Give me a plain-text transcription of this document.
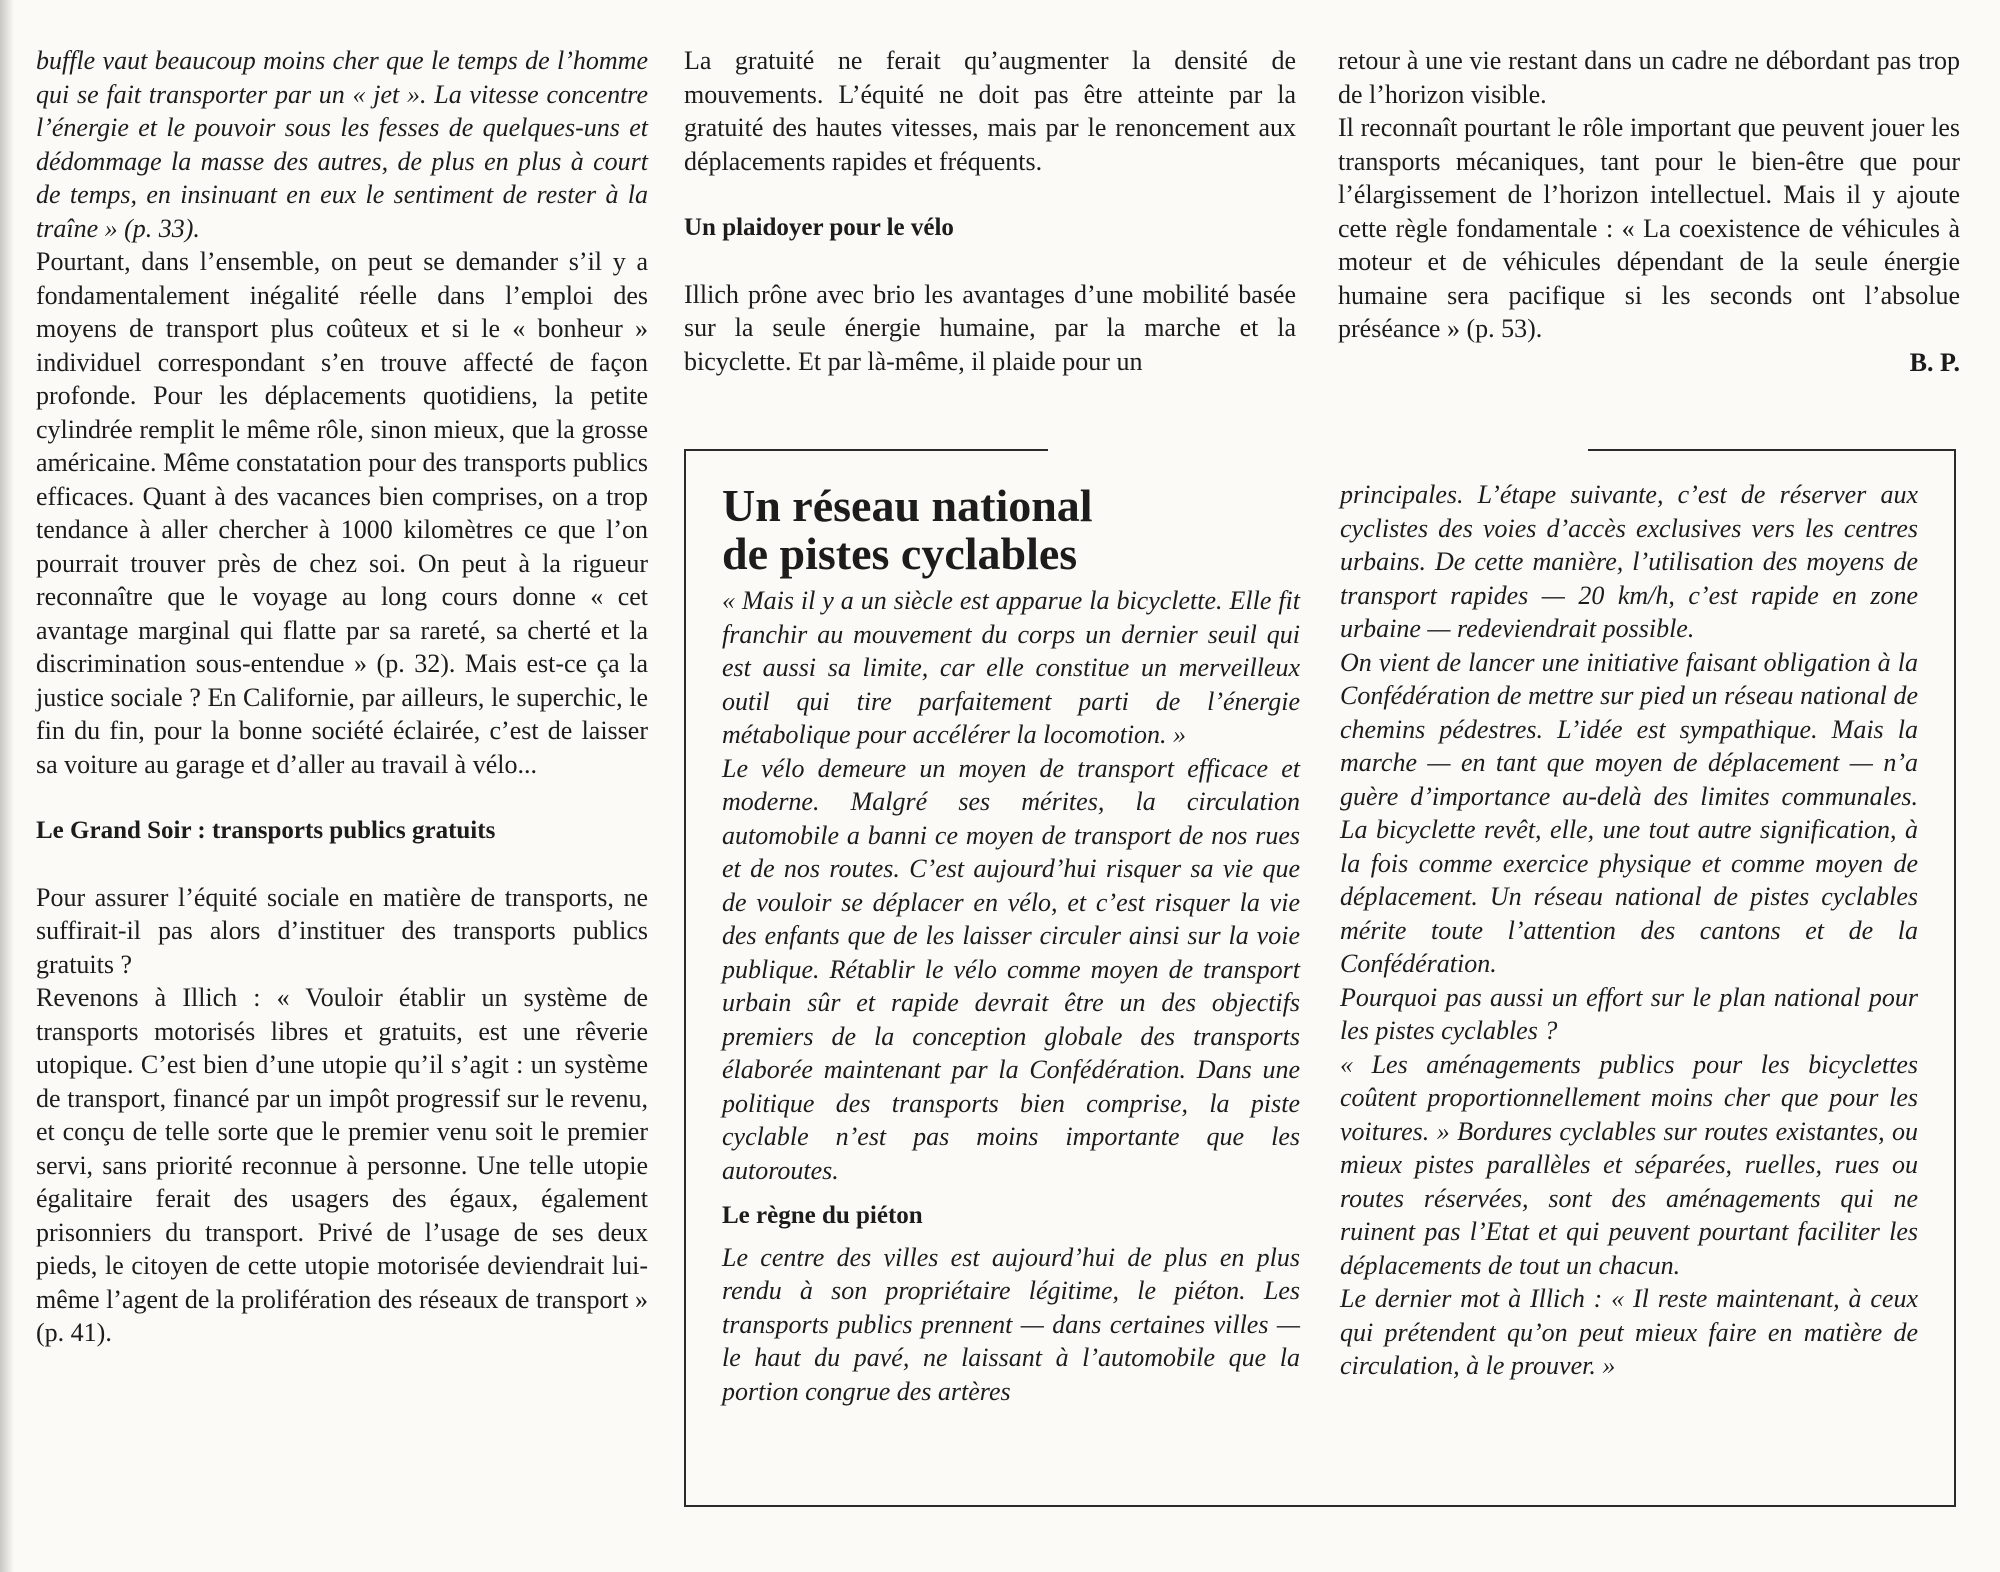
buffle vaut beaucoup moins cher que le temps de l’homme qui se fait transporter par un « jet ». La vitesse concentre l’énergie et le pouvoir sous les fesses de quelques-uns et dédommage la masse des autres, de plus en plus à court de temps, en insinuant en eux le sentiment de rester à la traîne » (p. 33).

Pourtant, dans l’ensemble, on peut se demander s’il y a fondamentalement inégalité réelle dans l’emploi des moyens de transport plus coûteux et si le « bonheur » individuel correspondant s’en trouve affecté de façon profonde. Pour les déplacements quotidiens, la petite cylindrée remplit le même rôle, sinon mieux, que la grosse américaine. Même constatation pour des transports publics efficaces. Quant à des vacances bien comprises, on a trop tendance à aller chercher à 1000 kilomètres ce que l’on pourrait trouver près de chez soi. On peut à la rigueur reconnaître que le voyage au long cours donne « cet avantage marginal qui flatte par sa rareté, sa cherté et la discrimination sous-entendue » (p. 32). Mais est-ce ça la justice sociale ? En Californie, par ailleurs, le superchic, le fin du fin, pour la bonne société éclairée, c’est de laisser sa voiture au garage et d’aller au travail à vélo...

Le Grand Soir : transports publics gratuits

Pour assurer l’équité sociale en matière de transports, ne suffirait-il pas alors d’instituer des transports publics gratuits ?

Revenons à Illich : « Vouloir établir un système de transports motorisés libres et gratuits, est une rêverie utopique. C’est bien d’une utopie qu’il s’agit : un système de transport, financé par un impôt progressif sur le revenu, et conçu de telle sorte que le premier venu soit le premier servi, sans priorité reconnue à personne. Une telle utopie égalitaire ferait des usagers des égaux, également prisonniers du transport. Privé de l’usage de ses deux pieds, le citoyen de cette utopie motorisée deviendrait lui-même l’agent de la prolifération des réseaux de transport » (p. 41).

La gratuité ne ferait qu’augmenter la densité de mouvements. L’équité ne doit pas être atteinte par la gratuité des hautes vitesses, mais par le renoncement aux déplacements rapides et fréquents.

Un plaidoyer pour le vélo

Illich prône avec brio les avantages d’une mobilité basée sur la seule énergie humaine, par la marche et la bicyclette. Et par là-même, il plaide pour un

retour à une vie restant dans un cadre ne débordant pas trop de l’horizon visible.

Il reconnaît pourtant le rôle important que peuvent jouer les transports mécaniques, tant pour le bien-être que pour l’élargissement de l’horizon intellectuel. Mais il y ajoute cette règle fondamentale : « La coexistence de véhicules à moteur et de véhicules dépendant de la seule énergie humaine sera pacifique si les seconds ont l’absolue préséance » (p. 53).

B. P.

Un réseau national
de pistes cyclables

« Mais il y a un siècle est apparue la bicyclette. Elle fit franchir au mouvement du corps un dernier seuil qui est aussi sa limite, car elle constitue un merveilleux outil qui tire parfaitement parti de l’énergie métabolique pour accélérer la locomotion. »

Le vélo demeure un moyen de transport efficace et moderne. Malgré ses mérites, la circulation automobile a banni ce moyen de transport de nos rues et de nos routes. C’est aujourd’hui risquer sa vie que de vouloir se déplacer en vélo, et c’est risquer la vie des enfants que de les laisser circuler ainsi sur la voie publique. Rétablir le vélo comme moyen de transport urbain sûr et rapide devrait être un des objectifs premiers de la conception globale des transports élaborée maintenant par la Confédération. Dans une politique des transports bien comprise, la piste cyclable n’est pas moins importante que les autoroutes.

Le règne du piéton

Le centre des villes est aujourd’hui de plus en plus rendu à son propriétaire légitime, le piéton. Les transports publics prennent — dans certaines villes — le haut du pavé, ne laissant à l’automobile que la portion congrue des artères

principales. L’étape suivante, c’est de réserver aux cyclistes des voies d’accès exclusives vers les centres urbains. De cette manière, l’utilisation des moyens de transport rapides — 20 km/h, c’est rapide en zone urbaine — redeviendrait possible.

On vient de lancer une initiative faisant obligation à la Confédération de mettre sur pied un réseau national de chemins pédestres. L’idée est sympathique. Mais la marche — en tant que moyen de déplacement — n’a guère d’importance au-delà des limites communales. La bicyclette revêt, elle, une tout autre signification, à la fois comme exercice physique et comme moyen de déplacement. Un réseau national de pistes cyclables mérite toute l’attention des cantons et de la Confédération.

Pourquoi pas aussi un effort sur le plan national pour les pistes cyclables ?

« Les aménagements publics pour les bicyclettes coûtent proportionnellement moins cher que pour les voitures. » Bordures cyclables sur routes existantes, ou mieux pistes parallèles et séparées, ruelles, rues ou routes réservées, sont des aménagements qui ne ruinent pas l’Etat et qui peuvent pourtant faciliter les déplacements de tout un chacun.

Le dernier mot à Illich : « Il reste maintenant, à ceux qui prétendent qu’on peut mieux faire en matière de circulation, à le prouver. »
